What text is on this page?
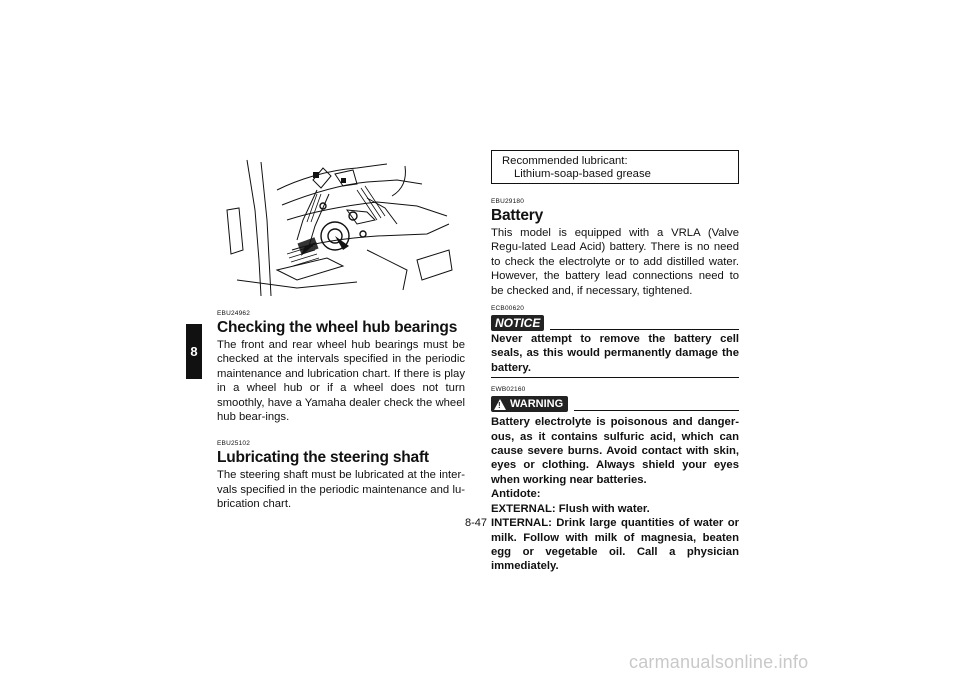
8
EBU24962
Checking the wheel hub bearings

The front and rear wheel hub bearings must be checked at the intervals specified in the periodic maintenance and lubrication chart. If there is play in a wheel hub or if a wheel does not turn smoothly, have a Yamaha dealer check the wheel hub bear-ings.

EBU25102
Lubricating the steering shaft

The steering shaft must be lubricated at the inter-vals specified in the periodic maintenance and lu-brication chart.

Recommended lubricant:
Lithium-soap-based grease
EBU29180
Battery

This model is equipped with a VRLA (Valve Regu-lated Lead Acid) battery. There is no need to check the electrolyte or to add distilled water. However, the battery lead connections need to be checked and, if necessary, tightened.

ECB00620
NOTICE

Never attempt to remove the battery cell seals, as this would permanently damage the battery.

EWB02160
! WARNING

Battery electrolyte is poisonous and danger-ous, as it contains sulfuric acid, which can cause severe burns. Avoid contact with skin, eyes or clothing. Always shield your eyes when working near batteries.

Antidote:

EXTERNAL: Flush with water.

INTERNAL: Drink large quantities of water or milk. Follow with milk of magnesia, beaten egg or vegetable oil. Call a physician immediately.

8-47
carmanualsonline.info
